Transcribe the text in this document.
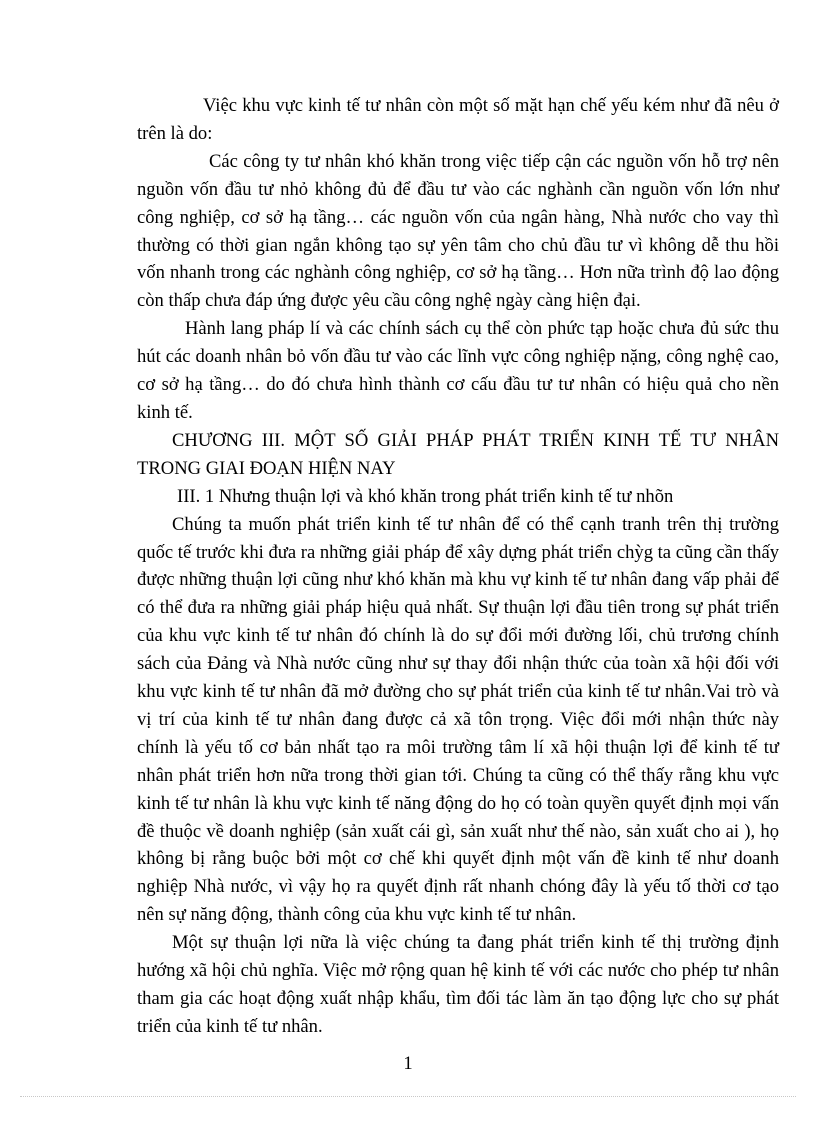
Việc khu vực kinh tế tư nhân còn một số mặt hạn chế yếu kém như đã nêu ở trên là do:

Các công ty tư nhân khó khăn trong việc tiếp cận các nguồn vốn hỗ trợ nên nguồn vốn đầu tư nhỏ không đủ để đầu tư vào các nghành cần nguồn vốn lớn như công nghiệp, cơ sở hạ tầng… các nguồn vốn của ngân hàng, Nhà nước cho vay thì thường có thời gian ngắn không tạo sự yên tâm cho chủ đầu tư vì không dễ thu hồi vốn nhanh trong các nghành công nghiệp, cơ sở hạ tầng… Hơn nữa trình độ lao động còn thấp chưa đáp ứng được yêu cầu công nghệ ngày càng hiện đại.

Hành lang pháp lí và các chính sách cụ thể còn phức tạp hoặc chưa đủ sức thu hút các doanh nhân bỏ vốn đầu tư vào các lĩnh vực công nghiệp nặng, công nghệ cao, cơ sở hạ tầng… do đó chưa hình thành cơ cấu đầu tư tư nhân có hiệu quả cho nền kinh tế.

CHƯƠNG III. MỘT SỐ GIẢI PHÁP PHÁT TRIỂN KINH TẾ TƯ NHÂN TRONG GIAI ĐOẠN HIỆN NAY

III. 1 Nhưng thuận lợi và khó khăn trong phát triển kinh tế tư nhõn

Chúng ta muốn phát triển kinh tế tư nhân để có thể cạnh tranh trên thị trường quốc tế trước khi đưa ra những giải pháp để xây dựng phát triển chỳg ta cũng cần thấy được những thuận lợi cũng như khó khăn mà khu vự kinh tế tư nhân đang vấp phải để có thể đưa ra những giải pháp hiệu quả nhất. Sự thuận lợi đầu tiên trong sự phát triển của khu vực kinh tế tư nhân đó chính là do sự đổi mới đường lối, chủ trương chính sách của Đảng và Nhà nước cũng như sự thay đổi nhận thức của toàn xã hội đối với khu vực kinh tế tư nhân đã mở đường cho sự phát triển của kinh tế tư nhân.Vai trò và vị trí của kinh tế tư nhân đang được cả xã tôn trọng. Việc đổi mới nhận thức này chính là yếu tố cơ bản nhất tạo ra môi trường tâm lí xã hội thuận lợi để kinh tế tư nhân phát triển hơn nữa trong thời gian tới. Chúng ta cũng có thể thấy rằng khu vực kinh tế tư nhân là khu vực kinh tế năng động do họ có toàn quyền quyết định mọi vấn đề thuộc về doanh nghiệp (sản xuất cái gì, sản xuất như thế nào, sản xuất cho ai ), họ không bị rằng buộc bởi một cơ chế khi quyết định một vấn đề kinh tế như doanh nghiệp Nhà nước, vì vậy họ ra quyết định rất nhanh chóng đây là yếu tố thời cơ tạo nên sự năng động, thành công của khu vực kinh tế tư nhân.

Một sự thuận lợi nữa là việc chúng ta đang phát triển kinh tế thị trường định hướng xã hội chủ nghĩa. Việc mở rộng quan hệ kinh tế với các nước cho phép tư nhân tham gia các hoạt động xuất nhập khẩu, tìm đối tác làm ăn tạo động lực cho sự phát triển của kinh tế tư nhân.

1
